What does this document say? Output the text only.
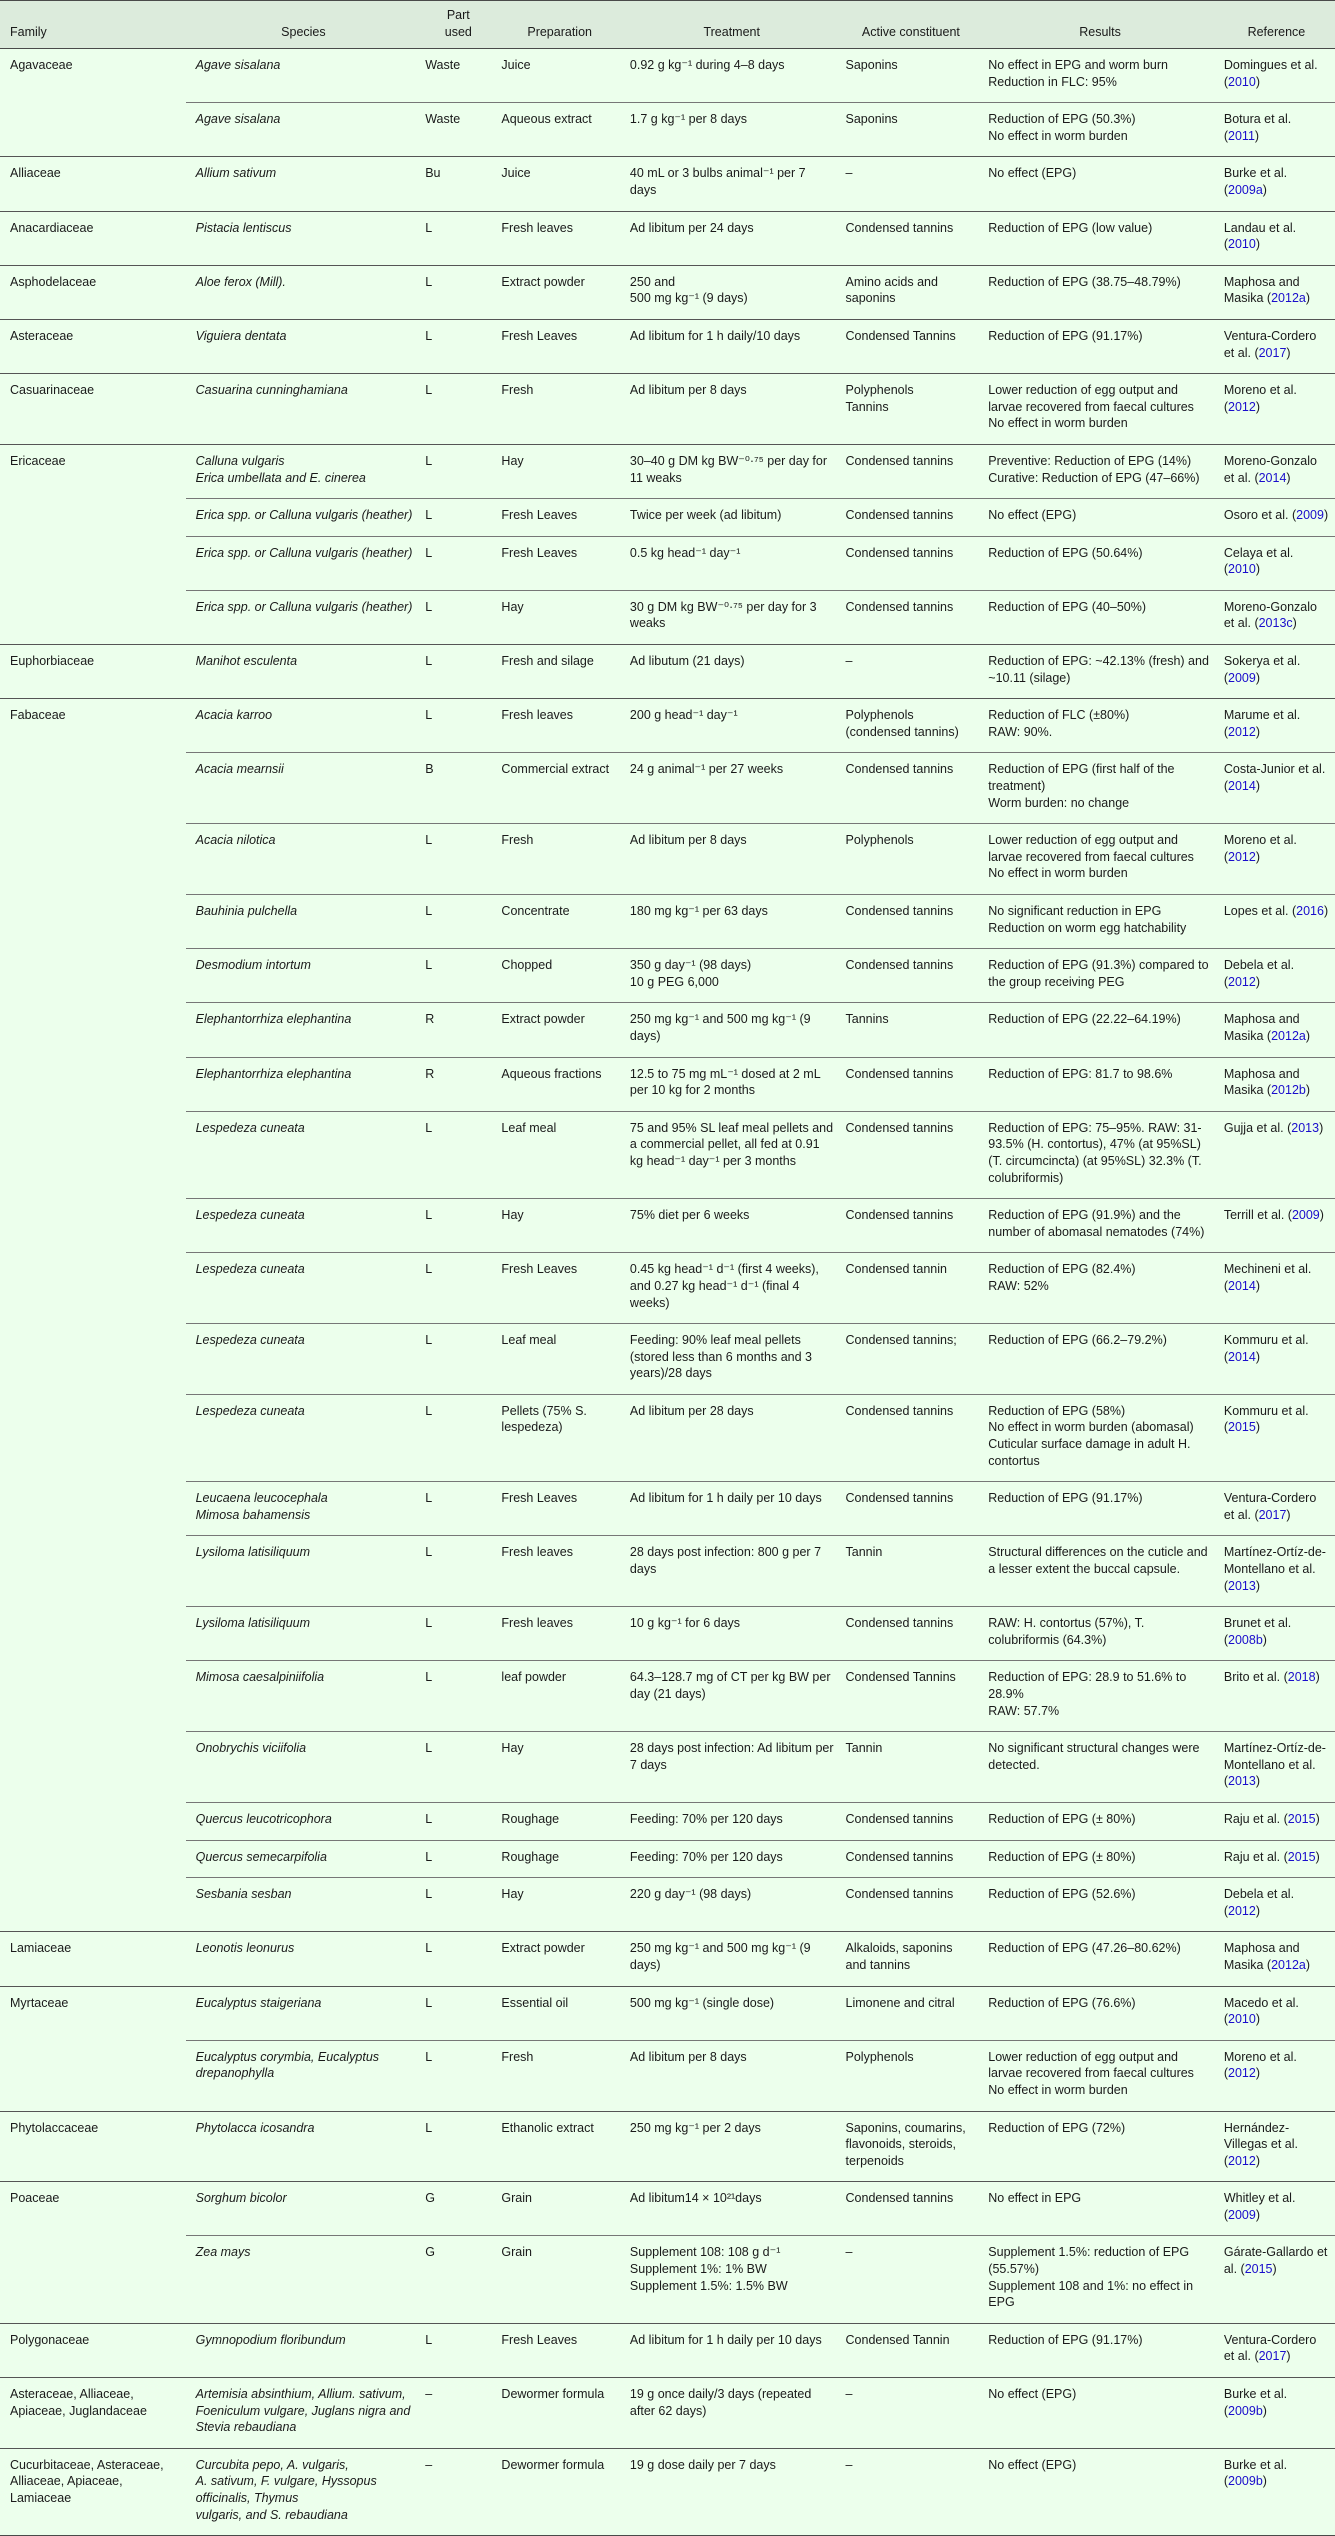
Family	Species	Part
used	Preparation	Treatment	Active constituent	Results	Reference

Agavaceae	Agave sisalana	Waste	Juice	0.92 g kg⁻¹ during 4–8 days	Saponins	No effect in EPG and worm burn
Reduction in FLC: 95%	Domingues et al. (2010)

	Agave sisalana	Waste	Aqueous extract	1.7 g kg⁻¹ per 8 days	Saponins	Reduction of EPG (50.3%)
No effect in worm burden	Botura et al. (2011)

Alliaceae	Allium sativum	Bu	Juice	40 mL or 3 bulbs animal⁻¹ per 7 days	–	No effect (EPG)	Burke et al. (2009a)

Anacardiaceae	Pistacia lentiscus	L	Fresh leaves	Ad libitum per 24 days	Condensed tannins	Reduction of EPG (low value)	Landau et al. (2010)

Asphodelaceae	Aloe ferox (Mill).	L	Extract powder	250 and
500 mg kg⁻¹ (9 days)	Amino acids and saponins	Reduction of EPG (38.75–48.79%)	Maphosa and Masika (2012a)

Asteraceae	Viguiera dentata	L	Fresh Leaves	Ad libitum for 1 h daily/10 days	Condensed Tannins	Reduction of EPG (91.17%)	Ventura-Cordero et al. (2017)

Casuarinaceae	Casuarina cunninghamiana	L	Fresh	Ad libitum per 8 days	Polyphenols
Tannins	Lower reduction of egg output and larvae recovered from faecal cultures
No effect in worm burden	Moreno et al. (2012)

Ericaceae	Calluna vulgaris
Erica umbellata and E. cinerea	L	Hay	30–40 g DM kg BW⁻⁰·⁷⁵ per day for 11 weaks	Condensed tannins	Preventive: Reduction of EPG (14%)
Curative: Reduction of EPG (47–66%)	Moreno-Gonzalo et al. (2014)

	Erica spp. or Calluna vulgaris (heather)	L	Fresh Leaves	Twice per week (ad libitum)	Condensed tannins	No effect (EPG)	Osoro et al. (2009)

	Erica spp. or Calluna vulgaris (heather)	L	Fresh Leaves	0.5 kg head⁻¹ day⁻¹	Condensed tannins	Reduction of EPG (50.64%)	Celaya et al. (2010)

	Erica spp. or Calluna vulgaris (heather)	L	Hay	30 g DM kg BW⁻⁰·⁷⁵ per day for 3 weaks	Condensed tannins	Reduction of EPG (40–50%)	Moreno-Gonzalo et al. (2013c)

Euphorbiaceae	Manihot esculenta	L	Fresh and silage	Ad libutum (21 days)	–	Reduction of EPG: ~42.13% (fresh) and ~10.11 (silage)	Sokerya et al. (2009)

Fabaceae	Acacia karroo	L	Fresh leaves	200 g head⁻¹ day⁻¹	Polyphenols (condensed tannins)	Reduction of FLC (±80%)
RAW: 90%.	Marume et al. (2012)

	Acacia mearnsii	B	Commercial extract	24 g animal⁻¹ per 27 weeks	Condensed tannins	Reduction of EPG (first half of the treatment)
Worm burden: no change	Costa-Junior et al. (2014)

	Acacia nilotica	L	Fresh	Ad libitum per 8 days	Polyphenols	Lower reduction of egg output and larvae recovered from faecal cultures
No effect in worm burden	Moreno et al. (2012)

	Bauhinia pulchella	L	Concentrate	180 mg kg⁻¹ per 63 days	Condensed tannins	No significant reduction in EPG
Reduction on worm egg hatchability	Lopes et al. (2016)

	Desmodium intortum	L	Chopped	350 g day⁻¹ (98 days)
10 g PEG 6,000	Condensed tannins	Reduction of EPG (91.3%) compared to the group receiving PEG	Debela et al. (2012)

	Elephantorrhiza elephantina	R	Extract powder	250 mg kg⁻¹ and 500 mg kg⁻¹ (9 days)	Tannins	Reduction of EPG (22.22–64.19%)	Maphosa and Masika (2012a)

	Elephantorrhiza elephantina	R	Aqueous fractions	12.5 to 75 mg mL⁻¹ dosed at 2 mL per 10 kg for 2 months	Condensed tannins	Reduction of EPG: 81.7 to 98.6%	Maphosa and Masika (2012b)

	Lespedeza cuneata	L	Leaf meal	75 and 95% SL leaf meal pellets and a commercial pellet, all fed at 0.91 kg head⁻¹ day⁻¹ per 3 months	Condensed tannins	Reduction of EPG: 75–95%. RAW: 31-93.5% (H. contortus), 47% (at 95%SL) (T. circumcincta) (at 95%SL) 32.3% (T. colubriformis)	Gujja et al. (2013)

	Lespedeza cuneata	L	Hay	75% diet per 6 weeks	Condensed tannins	Reduction of EPG (91.9%) and the number of abomasal nematodes (74%)	Terrill et al. (2009)

	Lespedeza cuneata	L	Fresh Leaves	0.45 kg head⁻¹ d⁻¹ (first 4 weeks), and 0.27 kg head⁻¹ d⁻¹ (final 4 weeks)	Condensed tannin	Reduction of EPG (82.4%)
RAW: 52%	Mechineni et al. (2014)

	Lespedeza cuneata	L	Leaf meal	Feeding: 90% leaf meal pellets (stored less than 6 months and 3 years)/28 days	Condensed tannins;	Reduction of EPG (66.2–79.2%)	Kommuru et al. (2014)

	Lespedeza cuneata	L	Pellets (75% S. lespedeza)	Ad libitum per 28 days	Condensed tannins	Reduction of EPG (58%)
No effect in worm burden (abomasal)
Cuticular surface damage in adult H. contortus	Kommuru et al. (2015)

	Leucaena leucocephala
Mimosa bahamensis	L	Fresh Leaves	Ad libitum for 1 h daily per 10 days	Condensed tannins	Reduction of EPG (91.17%)	Ventura-Cordero et al. (2017)

	Lysiloma latisiliquum	L	Fresh leaves	28 days post infection: 800 g per 7 days	Tannin	Structural differences on the cuticle and a lesser extent the buccal capsule.	Martínez-Ortíz-de-Montellano et al. (2013)

	Lysiloma latisiliquum	L	Fresh leaves	10 g kg⁻¹ for 6 days	Condensed tannins	RAW: H. contortus (57%), T. colubriformis (64.3%)	Brunet et al. (2008b)

	Mimosa caesalpiniifolia	L	leaf powder	64.3–128.7 mg of CT per kg BW per day (21 days)	Condensed Tannins	Reduction of EPG: 28.9 to 51.6% to 28.9%
RAW: 57.7%	Brito et al. (2018)

	Onobrychis viciifolia	L	Hay	28 days post infection: Ad libitum per 7 days	Tannin	No significant structural changes were detected.	Martínez-Ortíz-de-Montellano et al. (2013)

	Quercus leucotricophora	L	Roughage	Feeding: 70% per 120 days	Condensed tannins	Reduction of EPG (± 80%)	Raju et al. (2015)

	Quercus semecarpifolia	L	Roughage	Feeding: 70% per 120 days	Condensed tannins	Reduction of EPG (± 80%)	Raju et al. (2015)

	Sesbania sesban	L	Hay	220 g day⁻¹ (98 days)	Condensed tannins	Reduction of EPG (52.6%)	Debela et al. (2012)

Lamiaceae	Leonotis leonurus	L	Extract powder	250 mg kg⁻¹ and 500 mg kg⁻¹ (9 days)	Alkaloids, saponins and tannins	Reduction of EPG (47.26–80.62%)	Maphosa and Masika (2012a)

Myrtaceae	Eucalyptus staigeriana	L	Essential oil	500 mg kg⁻¹ (single dose)	Limonene and citral	Reduction of EPG (76.6%)	Macedo et al. (2010)

	Eucalyptus corymbia, Eucalyptus drepanophylla	L	Fresh	Ad libitum per 8 days	Polyphenols	Lower reduction of egg output and larvae recovered from faecal cultures
No effect in worm burden	Moreno et al. (2012)

Phytolaccaceae	Phytolacca icosandra	L	Ethanolic extract	250 mg kg⁻¹ per 2 days	Saponins, coumarins, flavonoids, steroids, terpenoids	Reduction of EPG (72%)	Hernández-Villegas et al. (2012)

Poaceae	Sorghum bicolor	G	Grain	Ad libitum14 × 10²¹days	Condensed tannins	No effect in EPG	Whitley et al. (2009)

	Zea mays	G	Grain	Supplement 108: 108 g d⁻¹
Supplement 1%: 1% BW
Supplement 1.5%: 1.5% BW	–	Supplement 1.5%: reduction of EPG (55.57%)
Supplement 108 and 1%: no effect in EPG	Gárate-Gallardo et al. (2015)

Polygonaceae	Gymnopodium floribundum	L	Fresh Leaves	Ad libitum for 1 h daily per 10 days	Condensed Tannin	Reduction of EPG (91.17%)	Ventura-Cordero et al. (2017)

Asteraceae, Alliaceae, Apiaceae, Juglandaceae	Artemisia absinthium, Allium. sativum, Foeniculum vulgare, Juglans nigra and Stevia rebaudiana	–	Dewormer formula	19 g once daily/3 days (repeated after 62 days)	–	No effect (EPG)	Burke et al. (2009b)

Cucurbitaceae, Asteraceae, Alliaceae, Apiaceae, Lamiaceae	Curcubita pepo, A. vulgaris,
A. sativum, F. vulgare, Hyssopus officinalis, Thymus
vulgaris, and S. rebaudiana	–	Dewormer formula	19 g dose daily per 7 days	–	No effect (EPG)	Burke et al. (2009b)
